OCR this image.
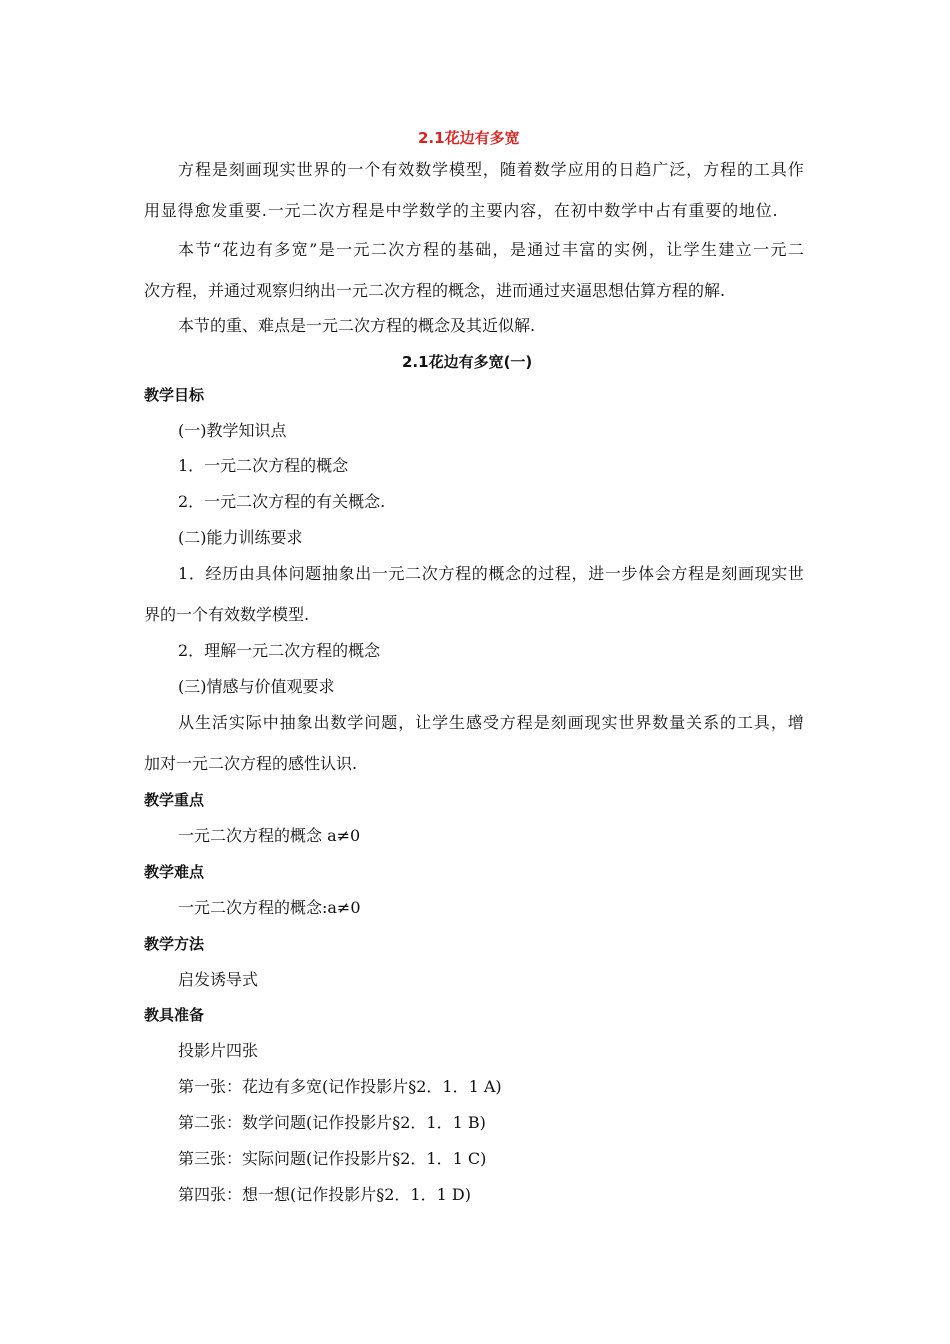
2.1花边有多宽
方 程 是 刻 画 现 实 世 界 的 一 个 有 效 数 学 模 型 ， 随 着 数 学 应 用 的 日 趋 广 泛 ， 方 程 的 工 具 作
用 显 得 愈 发 重 要 . 一 元 二 次 方 程 是 中 学 数 学 的 主 要 内 容 ， 在 初 中 数 学 中 占 有 重 要 的 地 位 .
本 节 “ 花 边 有 多 宽 ” 是 一 元 二 次 方 程 的 基 础 ， 是 通 过 丰 富 的 实 例 ， 让 学 生 建 立 一 元 二
次方程，并通过观察归纳出一元二次方程的概念，进而通过夹逼思想估算方程的解.
本节的重、难点是一元二次方程的概念及其近似解.
2.1花边有多宽(一)
教学目标
(一)教学知识点
1．一元二次方程的概念
2．一元二次方程的有关概念.
(二)能力训练要求
1 ． 经 历 由 具 体 问 题 抽 象 出 一 元 二 次 方 程 的 概 念 的 过 程 ， 进 一 步 体 会 方 程 是 刻 画 现 实 世
界的一个有效数学模型.
2．理解一元二次方程的概念
(三)情感与价值观要求
从 生 活 实 际 中 抽 象 出 数 学 问 题 ， 让 学 生 感 受 方 程 是 刻 画 现 实 世 界 数 量 关 系 的 工 具 ， 增
加对一元二次方程的感性认识.
教学重点
一元二次方程的概念 a≠0
教学难点
一元二次方程的概念:a≠0
教学方法
启发诱导式
教具准备
投影片四张
第一张：花边有多宽(记作投影片§2．1．1 A)
第二张：数学问题(记作投影片§2．1．1 B)
第三张：实际问题(记作投影片§2．1．1 C)
第四张：想一想(记作投影片§2．1．1 D)
